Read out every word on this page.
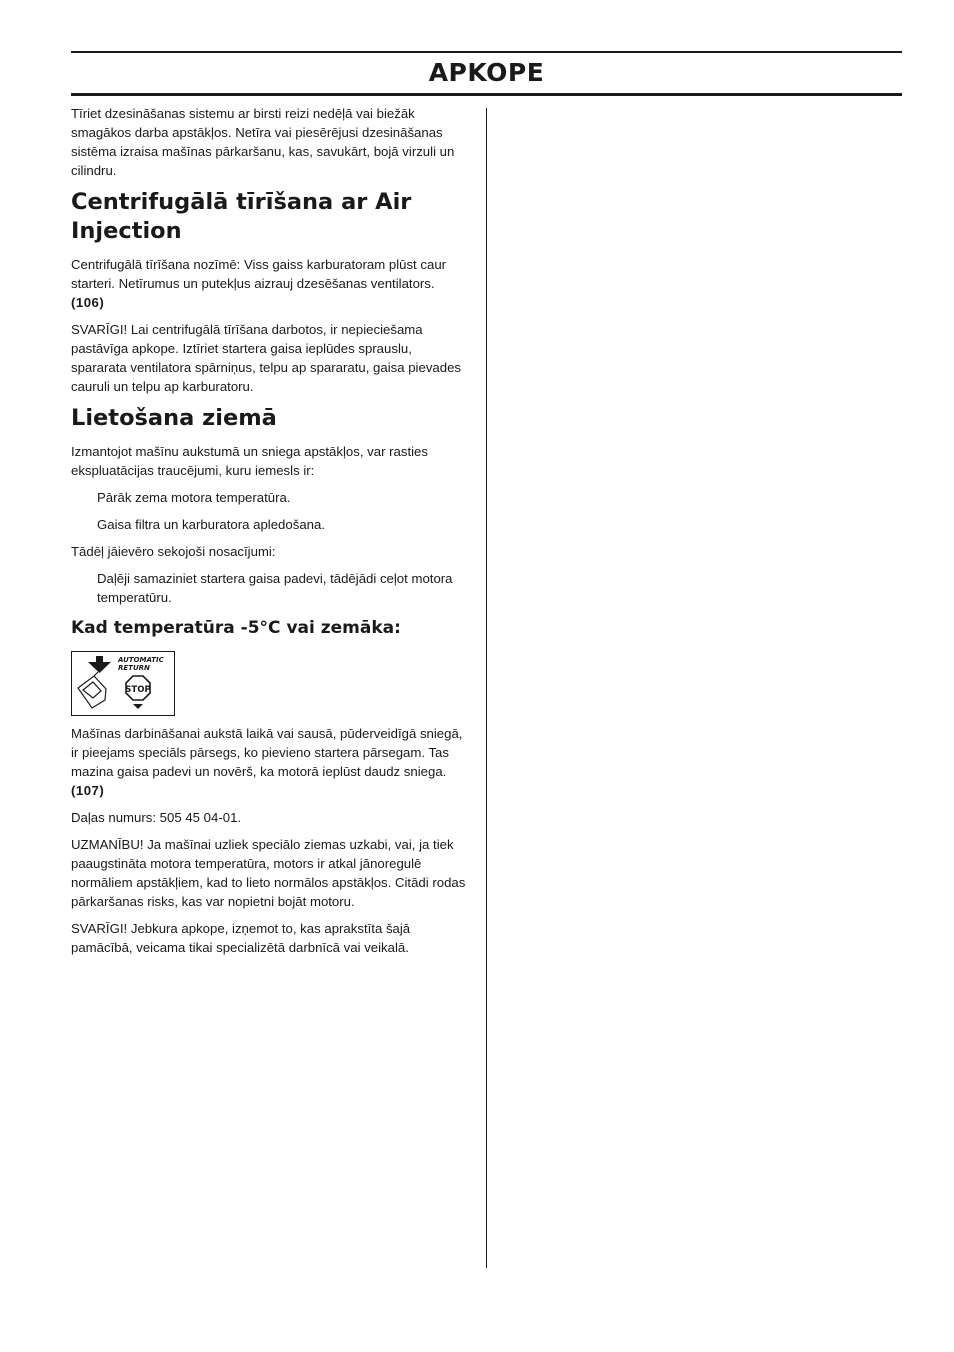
APKOPE

Tīriet dzesināšanas sistemu ar birsti reizi nedēļā vai biežāk smagākos darba apstākļos. Netīra vai piesērējusi dzesināšanas sistēma izraisa mašīnas pārkaršanu, kas, savukārt, bojā virzuli un cilindru.

Centrifugālā tīrīšana ar Air Injection

Centrifugālā tīrīšana nozīmē: Viss gaiss karburatoram plūst caur starteri. Netīrumus un putekļus aizrauj dzesēšanas ventilators. (106)

SVARĪGI! Lai centrifugālā tīrīšana darbotos, ir nepieciešama pastāvīga apkope. Iztīriet startera gaisa ieplūdes sprauslu, spararata ventilatora spārniņus, telpu ap spararatu, gaisa pievades cauruli un telpu ap karburatoru.

Lietošana ziemā

Izmantojot mašīnu aukstumā un sniega apstākļos, var rasties ekspluatācijas traucējumi, kuru iemesls ir:

Pārāk zema motora temperatūra.

Gaisa filtra un karburatora apledošana.

Tādēļ jāievēro sekojoši nosacījumi:

Daļēji samaziniet startera gaisa padevi, tādējādi ceļot motora temperatūru.

Kad temperatūra -5°C vai zemāka:
AUTOMATIC
RETURN
STOP

Mašīnas darbināšanai aukstā laikā vai sausā, pūderveidīgā sniegā, ir pieejams speciāls pārsegs, ko pievieno startera pārsegam. Tas mazina gaisa padevi un novērš, ka motorā ieplūst daudz sniega. (107)

Daļas numurs: 505 45 04-01.

UZMANĪBU! Ja mašīnai uzliek speciālo ziemas uzkabi, vai, ja tiek paaugstināta motora temperatūra, motors ir atkal jānoregulē normāliem apstākļiem, kad to lieto normālos apstākļos. Citādi rodas pārkaršanas risks, kas var nopietni bojāt motoru.

SVARĪGI! Jebkura apkope, izņemot to, kas aprakstīta šajā pamācībā, veicama tikai specializētā darbnīcā vai veikalā.
